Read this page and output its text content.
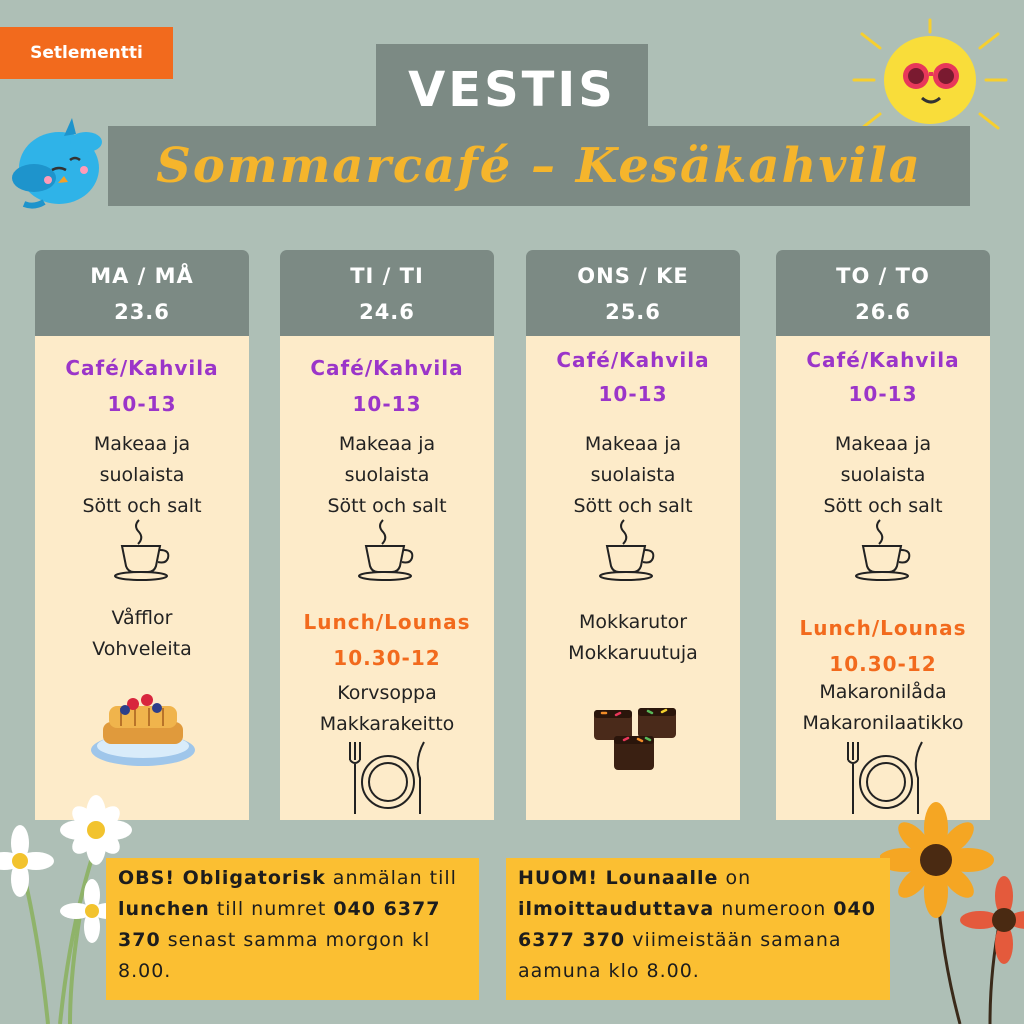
Setlementti
VESTIS
Sommarcafé – Kesäkahvila
MA / MÅ
23.6
Café/Kahvila
10-13
Makeaa ja
suolaista
Sött och salt
Våfflor
Vohveleita
TI / TI
24.6
Café/Kahvila
10-13
Makeaa ja
suolaista
Sött och salt
Lunch/Lounas
10.30-12
Korvsoppa
Makkarakeitto
ONS / KE
25.6
Café/Kahvila
10-13
Makeaa ja
suolaista
Sött och salt
Mokkarutor
Mokkaruutuja
TO / TO
26.6
Café/Kahvila
10-13
Makeaa ja
suolaista
Sött och salt
Lunch/Lounas
10.30-12
Makaronilåda
Makaronilaatikko
OBS! Obligatorisk anmälan till lunchen till numret 040 6377 370 senast samma morgon kl 8.00.
HUOM! Lounaalle on ilmoittauduttava numeroon 040 6377 370 viimeistään samana aamuna klo 8.00.
